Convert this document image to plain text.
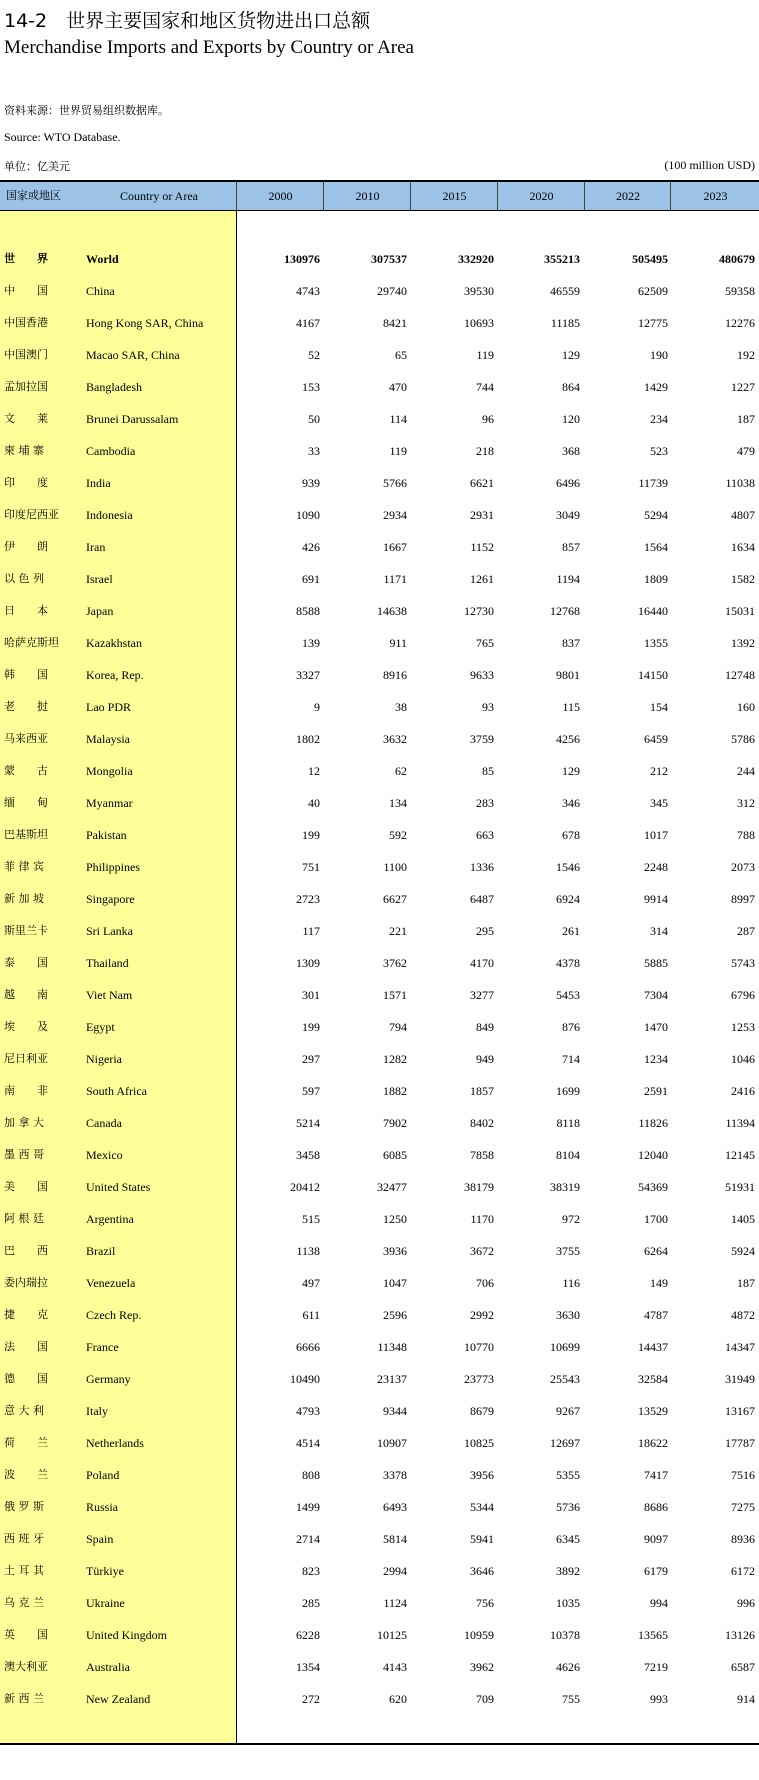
14-2　世界主要国家和地区货物进出口总额
Merchandise Imports and Exports by Country or Area
资料来源：世界贸易组织数据库。
Source: WTO Database.
单位：亿美元	(100 million USD)
国家或地区	Country or Area	2000	2010	2015	2020	2022	2023
世　　界	World	130976	307537	332920	355213	505495	480679
中　　国	China	4743	29740	39530	46559	62509	59358
中国香港	Hong Kong SAR, China	4167	8421	10693	11185	12775	12276
中国澳门	Macao SAR, China	52	65	119	129	190	192
孟加拉国	Bangladesh	153	470	744	864	1429	1227
文　　莱	Brunei Darussalam	50	114	96	120	234	187
柬 埔 寨	Cambodia	33	119	218	368	523	479
印　　度	India	939	5766	6621	6496	11739	11038
印度尼西亚	Indonesia	1090	2934	2931	3049	5294	4807
伊　　朗	Iran	426	1667	1152	857	1564	1634
以 色 列	Israel	691	1171	1261	1194	1809	1582
日　　本	Japan	8588	14638	12730	12768	16440	15031
哈萨克斯坦	Kazakhstan	139	911	765	837	1355	1392
韩　　国	Korea, Rep.	3327	8916	9633	9801	14150	12748
老　　挝	Lao PDR	9	38	93	115	154	160
马来西亚	Malaysia	1802	3632	3759	4256	6459	5786
蒙　　古	Mongolia	12	62	85	129	212	244
缅　　甸	Myanmar	40	134	283	346	345	312
巴基斯坦	Pakistan	199	592	663	678	1017	788
菲 律 宾	Philippines	751	1100	1336	1546	2248	2073
新 加 坡	Singapore	2723	6627	6487	6924	9914	8997
斯里兰卡	Sri Lanka	117	221	295	261	314	287
泰　　国	Thailand	1309	3762	4170	4378	5885	5743
越　　南	Viet Nam	301	1571	3277	5453	7304	6796
埃　　及	Egypt	199	794	849	876	1470	1253
尼日利亚	Nigeria	297	1282	949	714	1234	1046
南　　非	South Africa	597	1882	1857	1699	2591	2416
加 拿 大	Canada	5214	7902	8402	8118	11826	11394
墨 西 哥	Mexico	3458	6085	7858	8104	12040	12145
美　　国	United States	20412	32477	38179	38319	54369	51931
阿 根 廷	Argentina	515	1250	1170	972	1700	1405
巴　　西	Brazil	1138	3936	3672	3755	6264	5924
委内瑞拉	Venezuela	497	1047	706	116	149	187
捷　　克	Czech Rep.	611	2596	2992	3630	4787	4872
法　　国	France	6666	11348	10770	10699	14437	14347
德　　国	Germany	10490	23137	23773	25543	32584	31949
意 大 利	Italy	4793	9344	8679	9267	13529	13167
荷　　兰	Netherlands	4514	10907	10825	12697	18622	17787
波　　兰	Poland	808	3378	3956	5355	7417	7516
俄 罗 斯	Russia	1499	6493	5344	5736	8686	7275
西 班 牙	Spain	2714	5814	5941	6345	9097	8936
土 耳 其	Türkiye	823	2994	3646	3892	6179	6172
乌 克 兰	Ukraine	285	1124	756	1035	994	996
英　　国	United Kingdom	6228	10125	10959	10378	13565	13126
澳大利亚	Australia	1354	4143	3962	4626	7219	6587
新 西 兰	New Zealand	272	620	709	755	993	914
